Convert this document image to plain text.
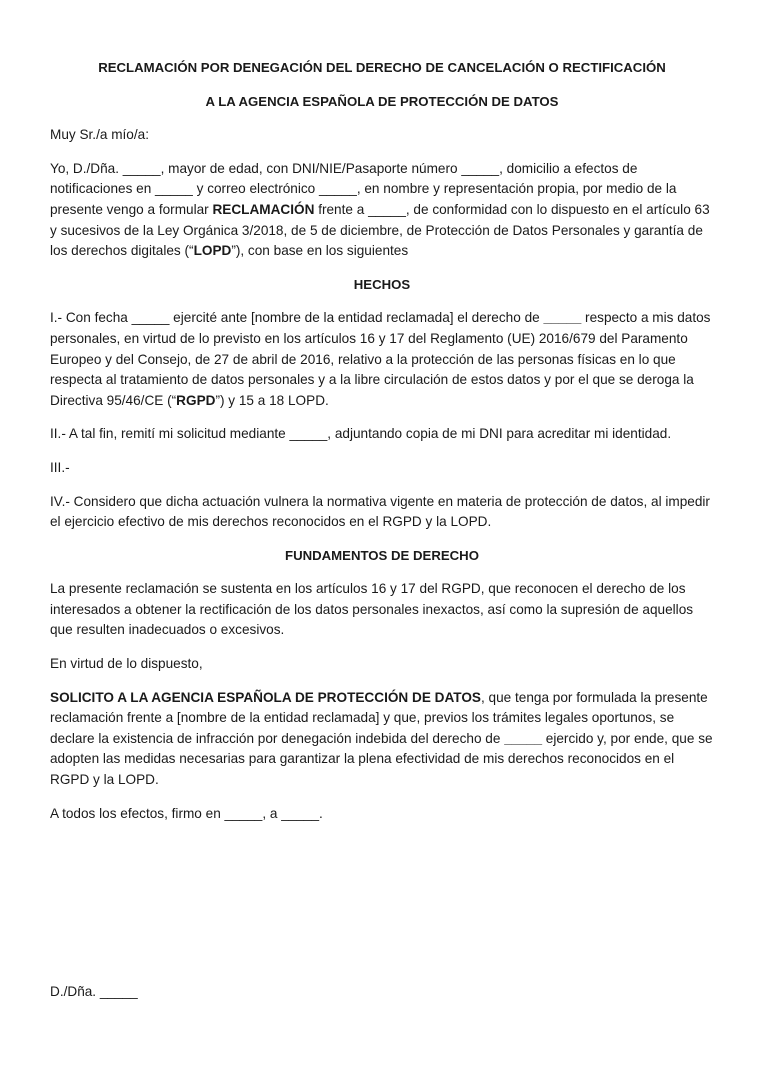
RECLAMACIÓN POR DENEGACIÓN DEL DERECHO DE CANCELACIÓN O RECTIFICACIÓN

A LA AGENCIA ESPAÑOLA DE PROTECCIÓN DE DATOS

Muy Sr./a mío/a:

Yo, D./Dña. _____, mayor de edad, con DNI/NIE/Pasaporte número _____, domicilio a efectos de notificaciones en _____ y correo electrónico _____, en nombre y representación propia, por medio de la presente vengo a formular RECLAMACIÓN frente a _____, de conformidad con lo dispuesto en el artículo 63 y sucesivos de la Ley Orgánica 3/2018, de 5 de diciembre, de Protección de Datos Personales y garantía de los derechos digitales (“LOPD”), con base en los siguientes

HECHOS

I.- Con fecha _____ ejercité ante [nombre de la entidad reclamada] el derecho de _____ respecto a mis datos personales, en virtud de lo previsto en los artículos 16 y 17 del Reglamento (UE) 2016/679 del Paramento Europeo y del Consejo, de 27 de abril de 2016, relativo a la protección de las personas físicas en lo que respecta al tratamiento de datos personales y a la libre circulación de estos datos y por el que se deroga la Directiva 95/46/CE (“RGPD”) y 15 a 18 LOPD.

II.- A tal fin, remití mi solicitud mediante _____, adjuntando copia de mi DNI para acreditar mi identidad.

III.-

IV.- Considero que dicha actuación vulnera la normativa vigente en materia de protección de datos, al impedir el ejercicio efectivo de mis derechos reconocidos en el RGPD y la LOPD.

FUNDAMENTOS DE DERECHO

La presente reclamación se sustenta en los artículos 16 y 17 del RGPD, que reconocen el derecho de los interesados a obtener la rectificación de los datos personales inexactos, así como la supresión de aquellos que resulten inadecuados o excesivos.

En virtud de lo dispuesto,

SOLICITO A LA AGENCIA ESPAÑOLA DE PROTECCIÓN DE DATOS, que tenga por formulada la presente reclamación frente a [nombre de la entidad reclamada] y que, previos los trámites legales oportunos, se declare la existencia de infracción por denegación indebida del derecho de _____ ejercido y, por ende, que se adopten las medidas necesarias para garantizar la plena efectividad de mis derechos reconocidos en el RGPD y la LOPD.

A todos los efectos, firmo en _____, a _____.

D./Dña. _____
